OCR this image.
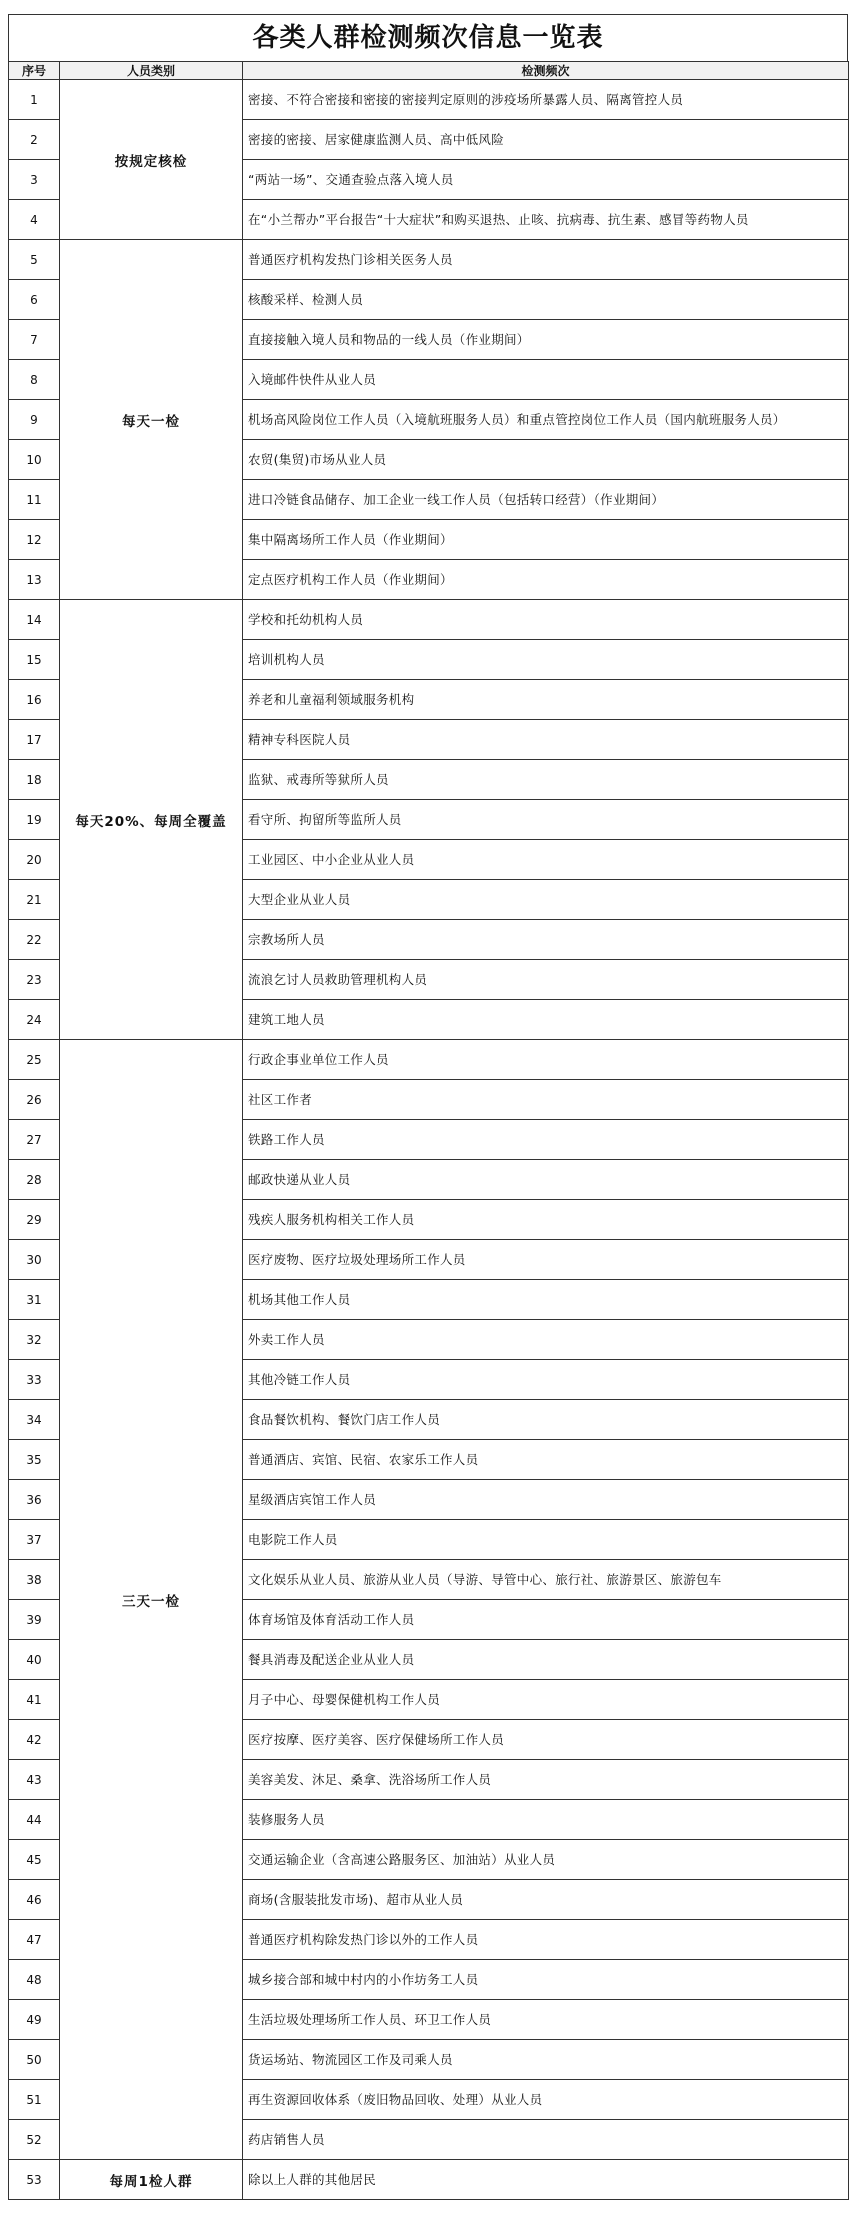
各类人群检测频次信息一览表
序号	人员类别	检测频次
1	按规定核检	密接、不符合密接和密接的密接判定原则的涉疫场所暴露人员、隔离管控人员
2		密接的密接、居家健康监测人员、高中低风险
3		“两站一场”、交通查验点落入境人员
4		在“小兰帮办”平台报告“十大症状”和购买退热、止咳、抗病毒、抗生素、感冒等药物人员
5	每天一检	普通医疗机构发热门诊相关医务人员
6		核酸采样、检测人员
7		直接接触入境人员和物品的一线人员（作业期间）
8		入境邮件快件从业人员
9		机场高风险岗位工作人员（入境航班服务人员）和重点管控岗位工作人员（国内航班服务人员）
10		农贸(集贸)市场从业人员
11		进口冷链食品储存、加工企业一线工作人员（包括转口经营）（作业期间）
12		集中隔离场所工作人员（作业期间）
13		定点医疗机构工作人员（作业期间）
14	每天20%、每周全覆盖	学校和托幼机构人员
15		培训机构人员
16		养老和儿童福利领域服务机构
17		精神专科医院人员
18		监狱、戒毒所等狱所人员
19		看守所、拘留所等监所人员
20		工业园区、中小企业从业人员
21		大型企业从业人员
22		宗教场所人员
23		流浪乞讨人员救助管理机构人员
24		建筑工地人员
25	三天一检	行政企事业单位工作人员
26		社区工作者
27		铁路工作人员
28		邮政快递从业人员
29		残疾人服务机构相关工作人员
30		医疗废物、医疗垃圾处理场所工作人员
31		机场其他工作人员
32		外卖工作人员
33		其他冷链工作人员
34		食品餐饮机构、餐饮门店工作人员
35		普通酒店、宾馆、民宿、农家乐工作人员
36		星级酒店宾馆工作人员
37		电影院工作人员
38		文化娱乐从业人员、旅游从业人员（导游、导管中心、旅行社、旅游景区、旅游包车

39		体育场馆及体育活动工作人员
40		餐具消毒及配送企业从业人员
41		月子中心、母婴保健机构工作人员
42		医疗按摩、医疗美容、医疗保健场所工作人员
43		美容美发、沐足、桑拿、洗浴场所工作人员
44		装修服务人员
45		交通运输企业（含高速公路服务区、加油站）从业人员
46		商场(含服装批发市场)、超市从业人员
47		普通医疗机构除发热门诊以外的工作人员
48		城乡接合部和城中村内的小作坊务工人员
49		生活垃圾处理场所工作人员、环卫工作人员
50		货运场站、物流园区工作及司乘人员
51		再生资源回收体系（废旧物品回收、处理）从业人员
52		药店销售人员
53	每周1检人群	除以上人群的其他居民
